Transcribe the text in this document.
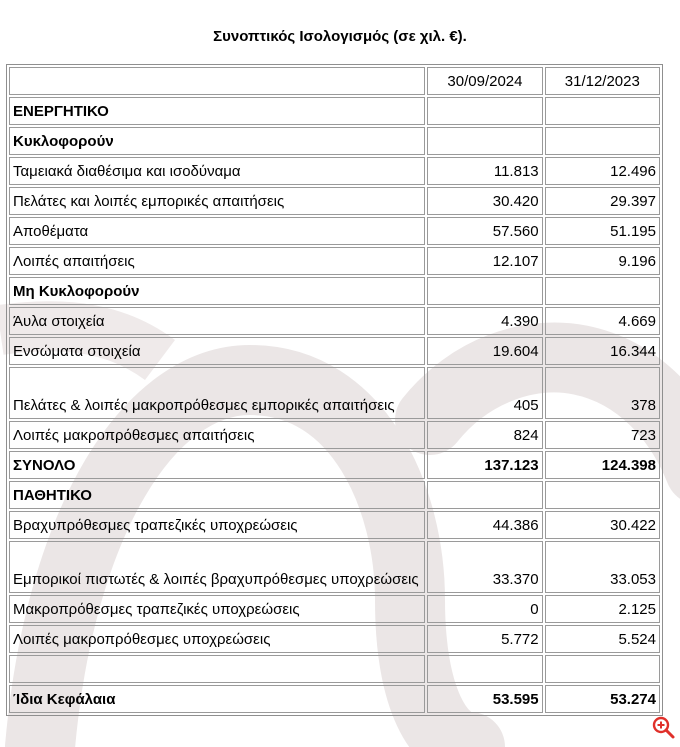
Συνοπτικός Ισολογισμός (σε χιλ. €).
	30/09/2024	31/12/2023
ΕΝΕΡΓΗΤΙΚΟ		
Κυκλοφορούν		
Ταμειακά διαθέσιμα και ισοδύναμα	11.813	12.496
Πελάτες και λοιπές εμπορικές απαιτήσεις	30.420	29.397
Αποθέματα	57.560	51.195
Λοιπές απαιτήσεις	12.107	9.196
Μη Κυκλοφορούν		
Άυλα στοιχεία	4.390	4.669
Ενσώματα στοιχεία	19.604	16.344
Πελάτες & λοιπές μακροπρόθεσμες εμπορικές απαιτήσεις	405	378
Λοιπές μακροπρόθεσμες απαιτήσεις	824	723
ΣΥΝΟΛΟ	137.123	124.398
ΠΑΘΗΤΙΚΟ		
Βραχυπρόθεσμες τραπεζικές υποχρεώσεις	44.386	30.422
Εμπορικοί πιστωτές & λοιπές βραχυπρόθεσμες υποχρεώσεις	33.370	33.053
Μακροπρόθεσμες τραπεζικές υποχρεώσεις	0	2.125
Λοιπές μακροπρόθεσμες υποχρεώσεις	5.772	5.524

Ίδια Κεφάλαια	53.595	53.274
